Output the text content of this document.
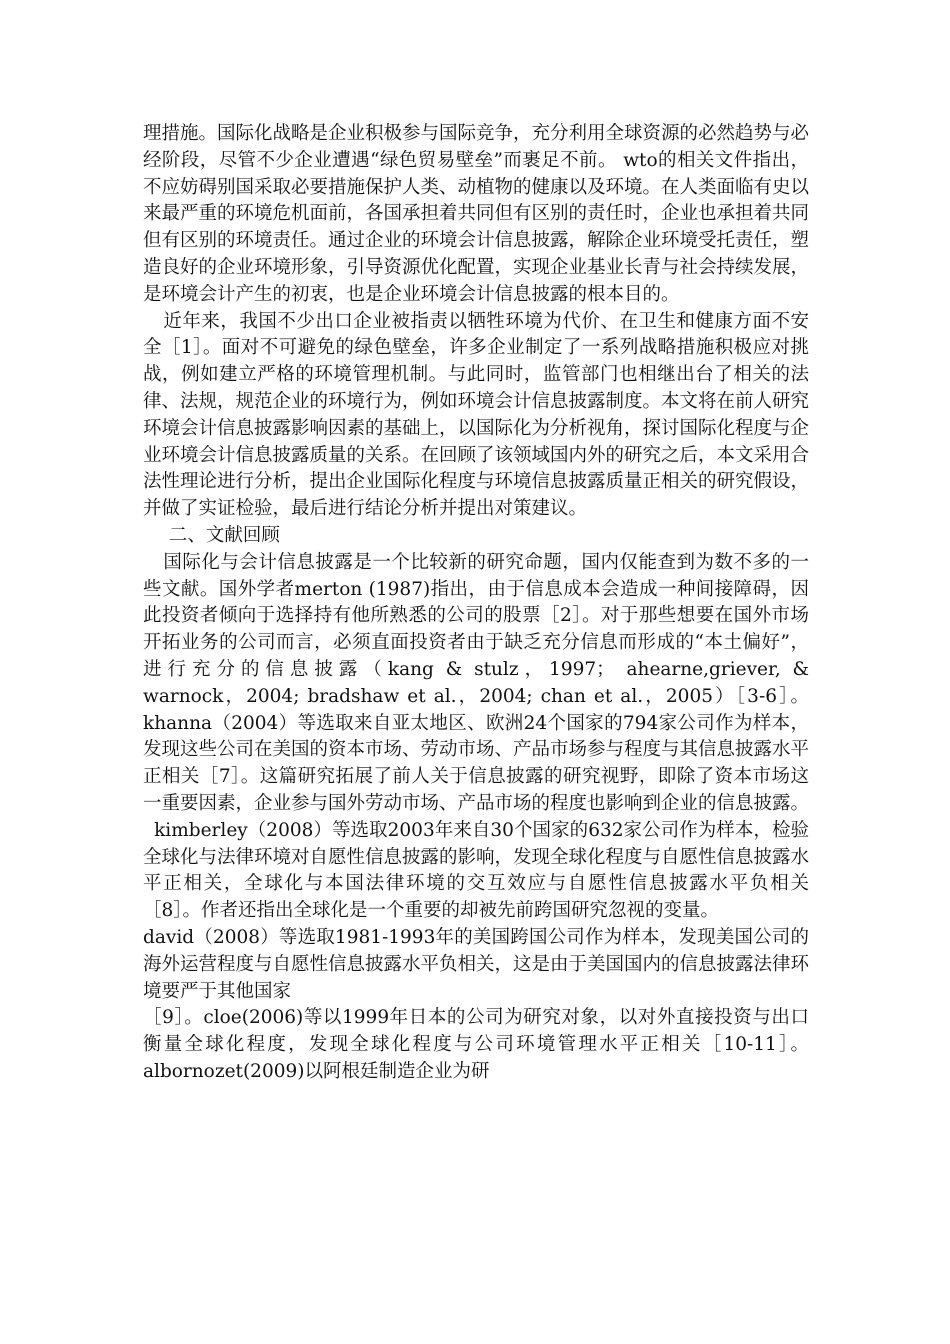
理措施。国际化战略是企业积极参与国际竞争，充分利用全球资源的必然趋势与必经阶段，尽管不少企业遭遇“绿色贸易壁垒”而裹足不前。 wto的相关文件指出，不应妨碍别国采取必要措施保护人类、动植物的健康以及环境。在人类面临有史以来最严重的环境危机面前，各国承担着共同但有区别的责任时，企业也承担着共同但有区别的环境责任。通过企业的环境会计信息披露，解除企业环境受托责任，塑造良好的企业环境形象，引导资源优化配置，实现企业基业长青与社会持续发展，是环境会计产生的初衷，也是企业环境会计信息披露的根本目的。

近年来，我国不少出口企业被指责以牺牲环境为代价、在卫生和健康方面不安全［1］。面对不可避免的绿色壁垒，许多企业制定了一系列战略措施积极应对挑战，例如建立严格的环境管理机制。与此同时，监管部门也相继出台了相关的法律、法规，规范企业的环境行为，例如环境会计信息披露制度。本文将在前人研究环境会计信息披露影响因素的基础上，以国际化为分析视角，探讨国际化程度与企业环境会计信息披露质量的关系。在回顾了该领域国内外的研究之后，本文采用合法性理论进行分析，提出企业国际化程度与环境信息披露质量正相关的研究假设，并做了实证检验，最后进行结论分析并提出对策建议。

二、文献回顾

国际化与会计信息披露是一个比较新的研究命题，国内仅能查到为数不多的一些文献。国外学者merton (1987)指出，由于信息成本会造成一种间接障碍，因此投资者倾向于选择持有他所熟悉的公司的股票［2］。对于那些想要在国外市场开拓业务的公司而言，必须直面投资者由于缺乏充分信息而形成的“本土偏好”，进行充分的信息披露（kang & stulz，1997； ahearne,griever, & warnock，2004; bradshaw et al.，2004; chan et al.，2005）［3-6］。khanna（2004）等选取来自亚太地区、欧洲24个国家的794家公司作为样本，发现这些公司在美国的资本市场、劳动市场、产品市场参与程度与其信息披露水平正相关［7］。这篇研究拓展了前人关于信息披露的研究视野，即除了资本市场这一重要因素，企业参与国外劳动市场、产品市场的程度也影响到企业的信息披露。

kimberley（2008）等选取2003年来自30个国家的632家公司作为样本，检验全球化与法律环境对自愿性信息披露的影响，发现全球化程度与自愿性信息披露水平正相关，全球化与本国法律环境的交互效应与自愿性信息披露水平负相关［8］。作者还指出全球化是一个重要的却被先前跨国研究忽视的变量。

david（2008）等选取1981-1993年的美国跨国公司作为样本，发现美国公司的海外运营程度与自愿性信息披露水平负相关，这是由于美国国内的信息披露法律环境要严于其他国家

［9］。cloe(2006)等以1999年日本的公司为研究对象，以对外直接投资与出口衡量全球化程度，发现全球化程度与公司环境管理水平正相关［10-11］。albornozet(2009)以阿根廷制造企业为研
